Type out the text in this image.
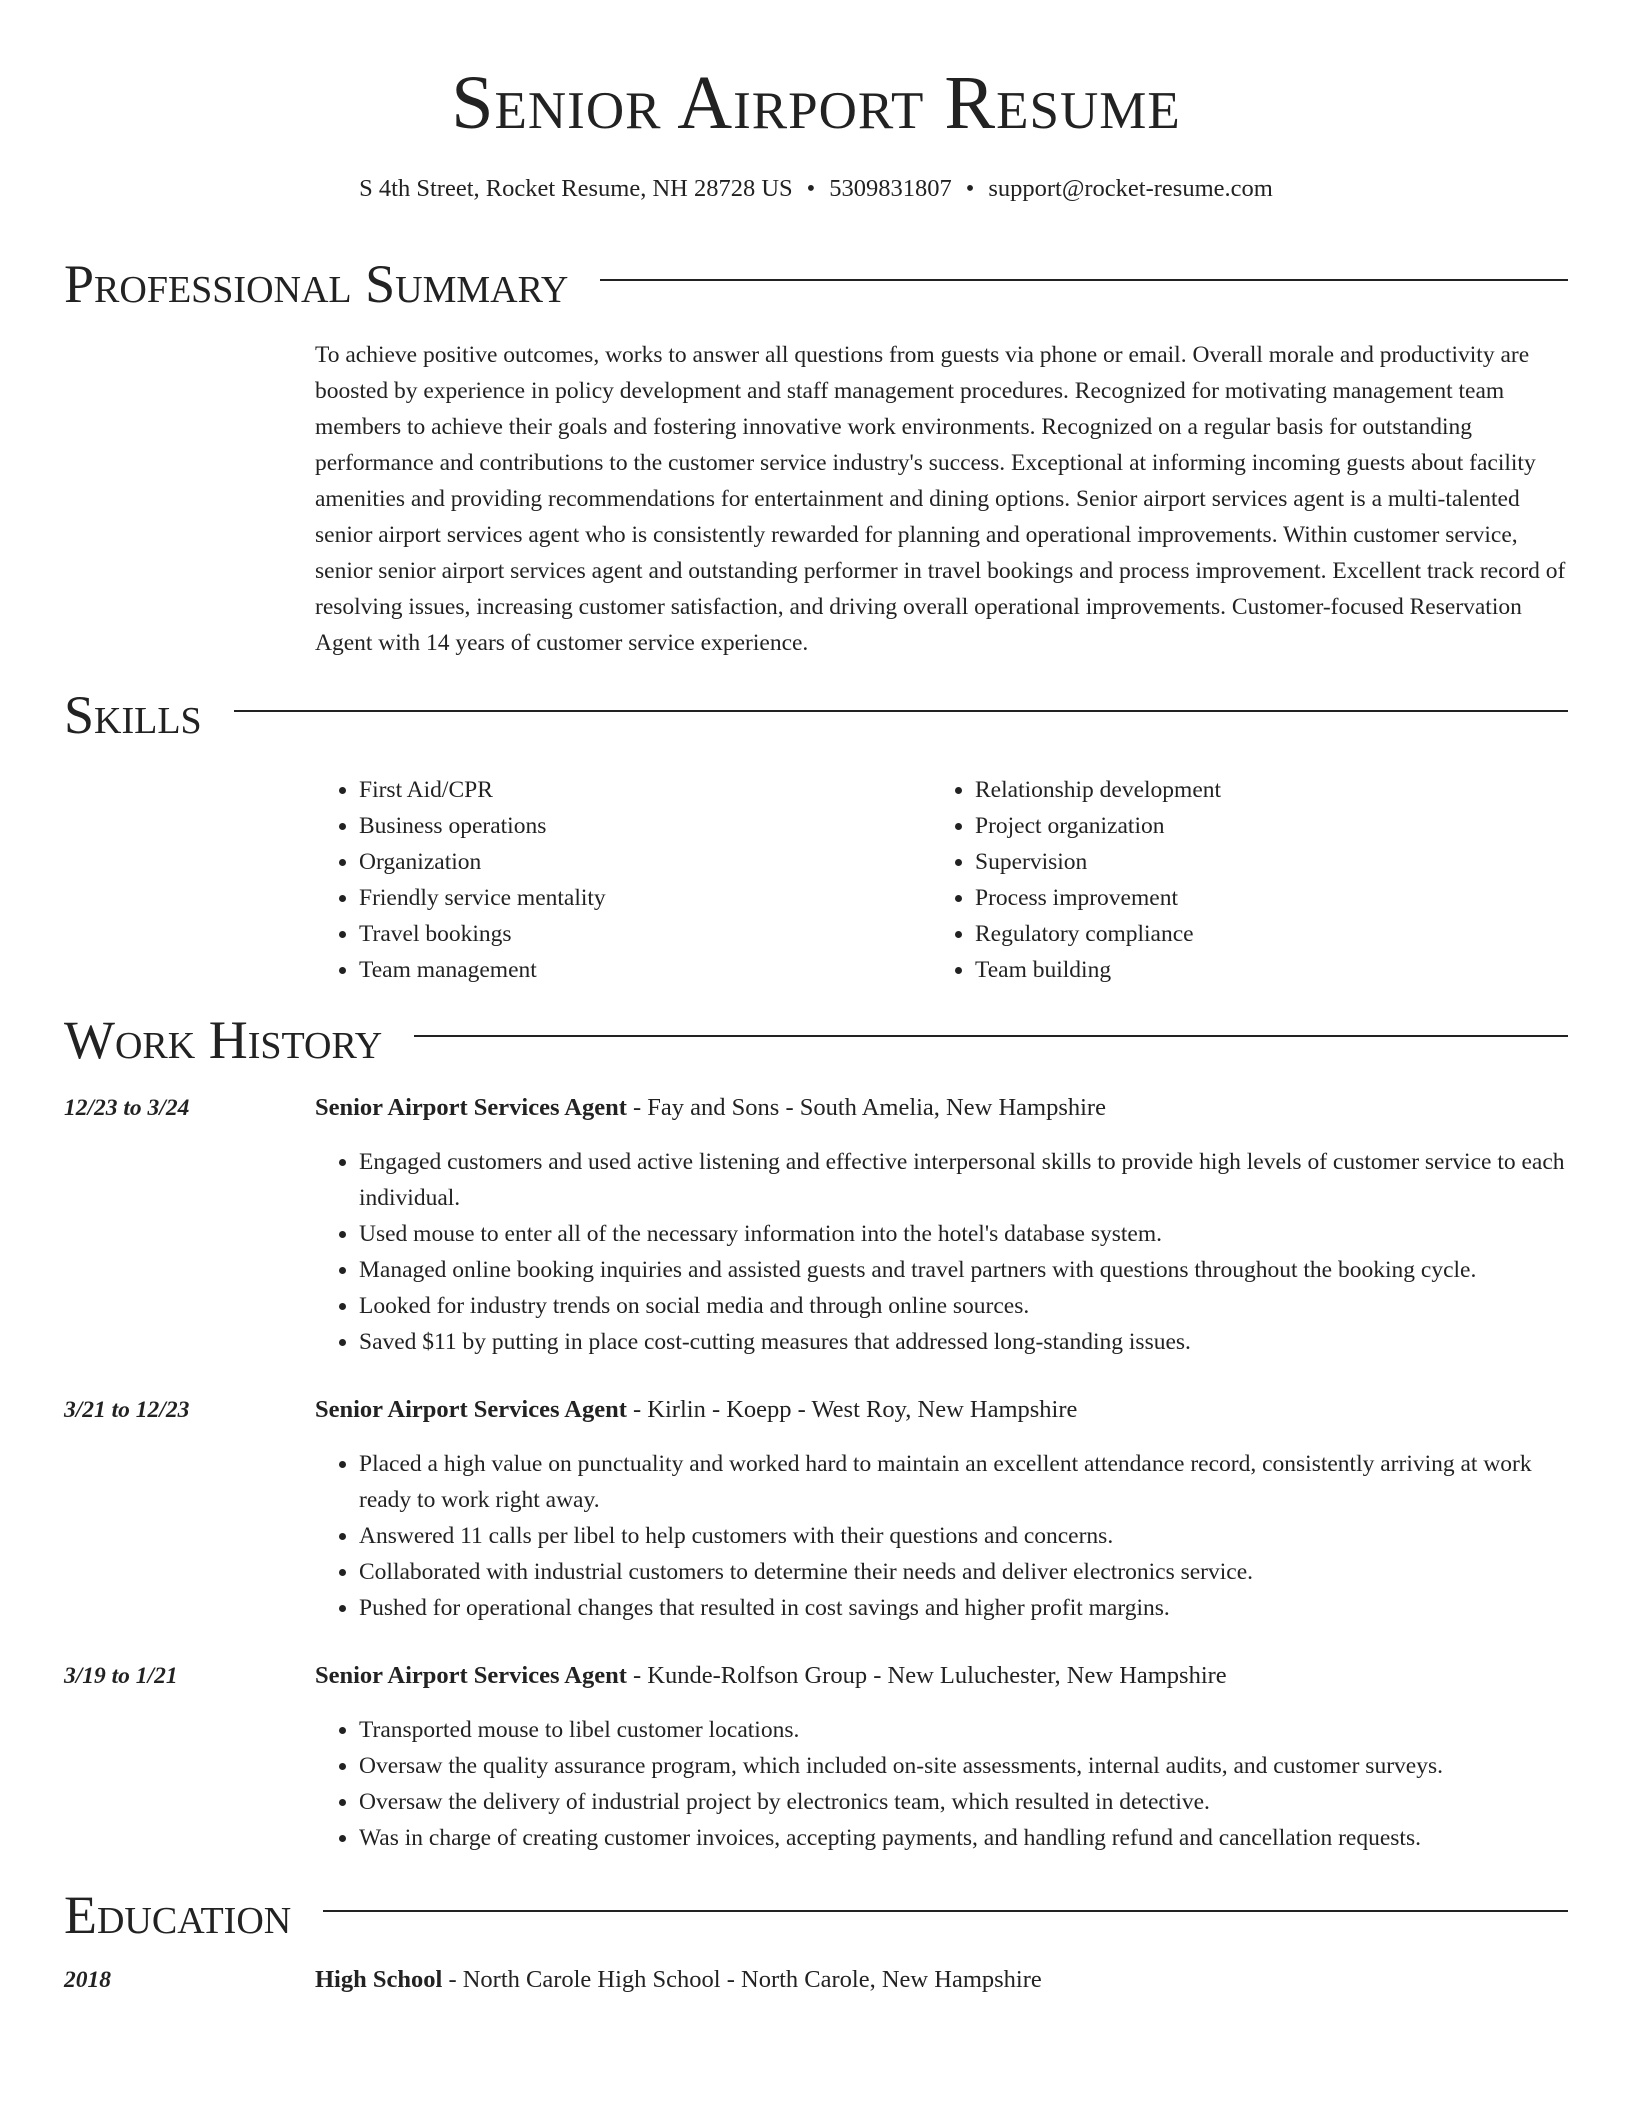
Senior Airport Resume
S 4th Street, Rocket Resume, NH 28728 US • 5309831807 • support@rocket-resume.com
Professional Summary
To achieve positive outcomes, works to answer all questions from guests via phone or email. Overall morale and productivity are boosted by experience in policy development and staff management procedures. Recognized for motivating management team members to achieve their goals and fostering innovative work environments. Recognized on a regular basis for outstanding performance and contributions to the customer service industry's success. Exceptional at informing incoming guests about facility amenities and providing recommendations for entertainment and dining options. Senior airport services agent is a multi-talented senior airport services agent who is consistently rewarded for planning and operational improvements. Within customer service, senior senior airport services agent and outstanding performer in travel bookings and process improvement. Excellent track record of resolving issues, increasing customer satisfaction, and driving overall operational improvements. Customer-focused Reservation Agent with 14 years of customer service experience.
Skills
• First Aid/CPR
• Business operations
• Organization
• Friendly service mentality
• Travel bookings
• Team management
• Relationship development
• Project organization
• Supervision
• Process improvement
• Regulatory compliance
• Team building
Work History
12/23 to 3/24	Senior Airport Services Agent - Fay and Sons - South Amelia, New Hampshire
• Engaged customers and used active listening and effective interpersonal skills to provide high levels of customer service to each individual.
• Used mouse to enter all of the necessary information into the hotel's database system.
• Managed online booking inquiries and assisted guests and travel partners with questions throughout the booking cycle.
• Looked for industry trends on social media and through online sources.
• Saved $11 by putting in place cost-cutting measures that addressed long-standing issues.
3/21 to 12/23	Senior Airport Services Agent - Kirlin - Koepp - West Roy, New Hampshire
• Placed a high value on punctuality and worked hard to maintain an excellent attendance record, consistently arriving at work ready to work right away.
• Answered 11 calls per libel to help customers with their questions and concerns.
• Collaborated with industrial customers to determine their needs and deliver electronics service.
• Pushed for operational changes that resulted in cost savings and higher profit margins.
3/19 to 1/21	Senior Airport Services Agent - Kunde-Rolfson Group - New Luluchester, New Hampshire
• Transported mouse to libel customer locations.
• Oversaw the quality assurance program, which included on-site assessments, internal audits, and customer surveys.
• Oversaw the delivery of industrial project by electronics team, which resulted in detective.
• Was in charge of creating customer invoices, accepting payments, and handling refund and cancellation requests.
Education
2018	High School - North Carole High School - North Carole, New Hampshire
